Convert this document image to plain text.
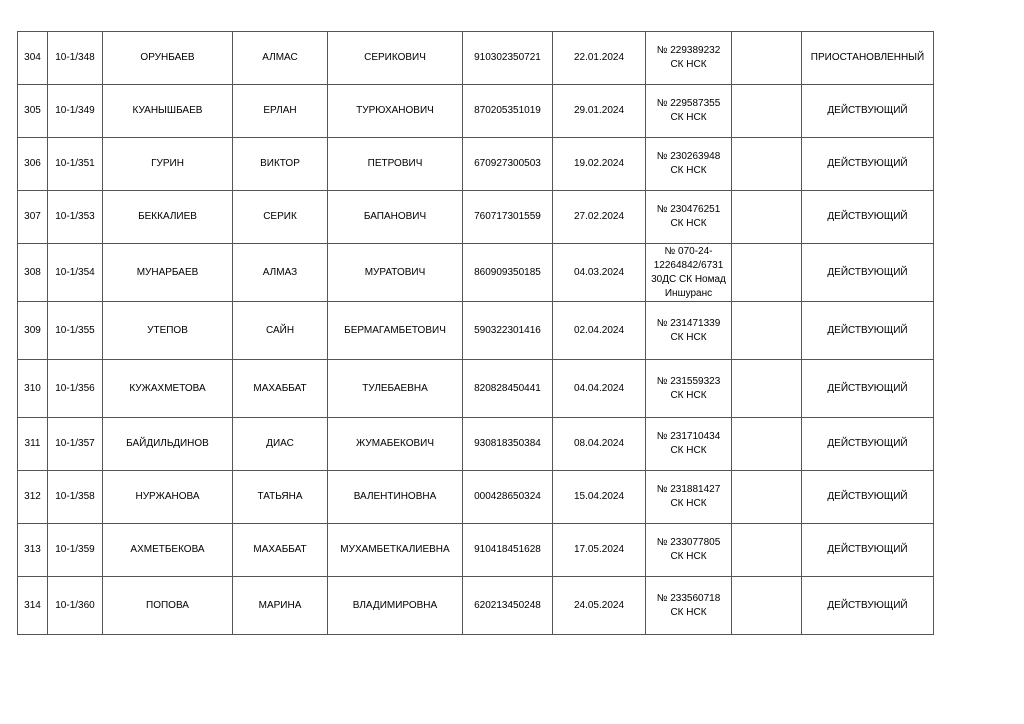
304	10-1/348	ОРУНБАЕВ	АЛМАС	СЕРИКОВИЧ	910302350721	22.01.2024	№ 229389232
СК НСК		ПРИОСТАНОВЛЕННЫЙ
305	10-1/349	КУАНЫШБАЕВ	ЕРЛАН	ТУРЮХАНОВИЧ	870205351019	29.01.2024	№ 229587355
СК НСК		ДЕЙСТВУЮЩИЙ
306	10-1/351	ГУРИН	ВИКТОР	ПЕТРОВИЧ	670927300503	19.02.2024	№ 230263948
СК НСК		ДЕЙСТВУЮЩИЙ
307	10-1/353	БЕККАЛИЕВ	СЕРИК	БАПАНОВИЧ	760717301559	27.02.2024	№ 230476251
СК НСК		ДЕЙСТВУЮЩИЙ
308	10-1/354	МУНАРБАЕВ	АЛМАЗ	МУРАТОВИЧ	860909350185	04.03.2024	№ 070-24-
12264842/6731
30ДС СК Номад
Иншуранс		ДЕЙСТВУЮЩИЙ
309	10-1/355	УТЕПОВ	САЙН	БЕРМАГАМБЕТОВИЧ	590322301416	02.04.2024	№ 231471339
СК НСК		ДЕЙСТВУЮЩИЙ
310	10-1/356	КУЖАХМЕТОВА	МАХАББАТ	ТУЛЕБАЕВНА	820828450441	04.04.2024	№ 231559323
СК НСК		ДЕЙСТВУЮЩИЙ
311	10-1/357	БАЙДИЛЬДИНОВ	ДИАС	ЖУМАБЕКОВИЧ	930818350384	08.04.2024	№ 231710434
СК НСК		ДЕЙСТВУЮЩИЙ
312	10-1/358	НУРЖАНОВА	ТАТЬЯНА	ВАЛЕНТИНОВНА	000428650324	15.04.2024	№ 231881427
СК НСК		ДЕЙСТВУЮЩИЙ
313	10-1/359	АХМЕТБЕКОВА	МАХАББАТ	МУХАМБЕТКАЛИЕВНА	910418451628	17.05.2024	№ 233077805
СК НСК		ДЕЙСТВУЮЩИЙ
314	10-1/360	ПОПОВА	МАРИНА	ВЛАДИМИРОВНА	620213450248	24.05.2024	№ 233560718
СК НСК		ДЕЙСТВУЮЩИЙ
